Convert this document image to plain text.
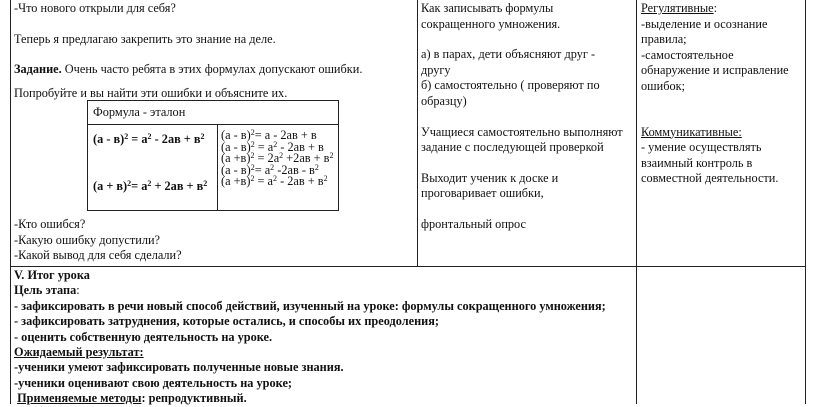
-Что нового открыли для себя?

Теперь я предлагаю закрепить это знание на деле.

Задание. Очень часто ребята в этих формулах допускают ошибки.

Попробуйте и вы найти эти ошибки и объясните их.

Формула - эталон

$(а - в)^2 = а^2 - 2ав + в^2$

$(а + в)^2= а^2 + 2ав + в^2$

(а - в)$^2$= а - 2ав + в

$(а - в)^2 = а^2 - 2ав + в$

$(а +в)^2 = 2а^2 +2ав + в^2$

$(а - в)^2= а^2$ $-2ав - в^2$

$(а +в)^2 = а^2 - 2ав + в^2$

-Кто ошибся?

-Какую ошибку допустили?

-Какой вывод для себя сделали?

Как записывать формулы

сокращенного умножения.

а) в парах, дети объясняют друг -

другу

б) самостоятельно ( проверяют по

образцу)

Учащиеся самостоятельно выполняют

задание с последующей проверкой

Выходит ученик к доске и

проговаривает ошибки,

фронтальный опрос

Регулятивные:

-выделение и осознание

правила;

-самостоятельное

обнаружение и исправление

ошибок;

Коммуникативные:

- умение осуществлять

взаимный контроль в

совместной деятельности.

V. Итог урока

Цель этапа:

- зафиксировать в речи новый способ действий, изученный на уроке: формулы сокращенного умножения;

- зафиксировать затруднения, которые остались, и способы их преодоления;

- оценить собственную деятельность на уроке.

Ожидаемый результат:

-ученики умеют зафиксировать полученные новые знания.

-ученики оценивают свою деятельность на уроке;

Применяемые методы: репродуктивный.
